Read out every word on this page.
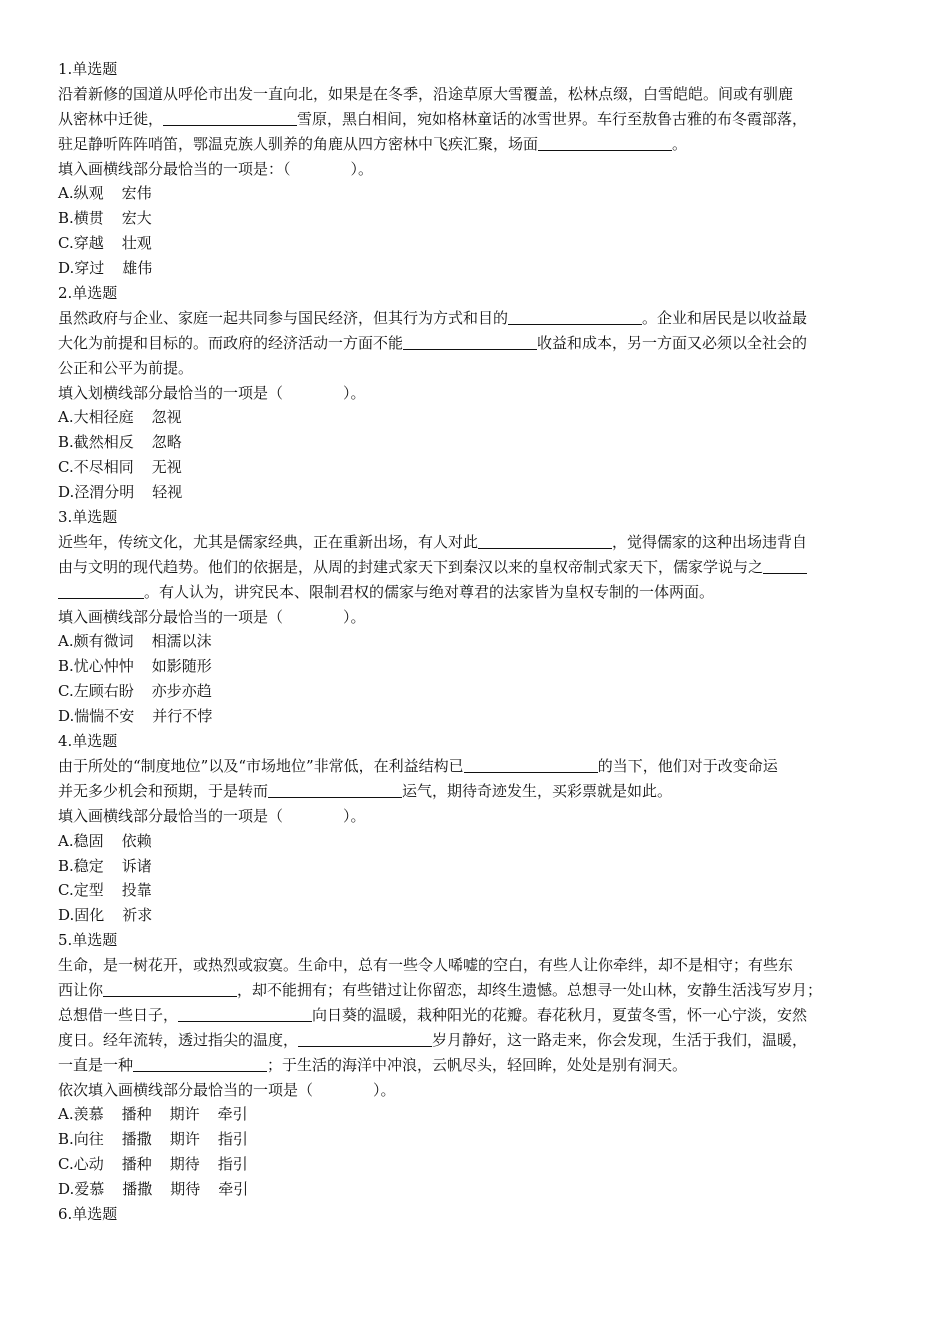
1.单选题
沿着新修的国道从呼伦市出发一直向北，如果是在冬季，沿途草原大雪覆盖，松林点缀，白雪皑皑。间或有驯鹿
从密林中迁徙，	雪原，黑白相间，宛如格林童话的冰雪世界。车行至敖鲁古雅的布冬霞部落，
驻足静听阵阵哨笛，鄂温克族人驯养的角鹿从四方密林中飞疾汇聚，场面	。
填入画横线部分最恰当的一项是：（　　　　）。
A.纵观 宏伟
B.横贯 宏大
C.穿越 壮观
D.穿过 雄伟
2.单选题
虽然政府与企业、家庭一起共同参与国民经济，但其行为方式和目的	。企业和居民是以收益最
大化为前提和目标的。而政府的经济活动一方面不能	收益和成本，另一方面又必须以全社会的
公正和公平为前提。
填入划横线部分最恰当的一项是（　　　　）。
A.大相径庭 忽视
B.截然相反 忽略
C.不尽相同 无视
D.泾渭分明 轻视
3.单选题
近些年，传统文化，尤其是儒家经典，正在重新出场，有人对此	，觉得儒家的这种出场违背自
由与文明的现代趋势。他们的依据是，从周的封建式家天下到秦汉以来的皇权帝制式家天下，儒家学说与之
。有人认为，讲究民本、限制君权的儒家与绝对尊君的法家皆为皇权专制的一体两面。
填入画横线部分最恰当的一项是（　　　　）。
A.颇有微词 相濡以沫
B.忧心忡忡 如影随形
C.左顾右盼 亦步亦趋
D.惴惴不安 并行不悖
4.单选题
由于所处的“制度地位”以及“市场地位”非常低，在利益结构已	的当下，他们对于改变命运
并无多少机会和预期，于是转而	运气，期待奇迹发生，买彩票就是如此。
填入画横线部分最恰当的一项是（　　　　）。
A.稳固 依赖
B.稳定 诉诸
C.定型 投靠
D.固化 祈求
5.单选题
生命，是一树花开，或热烈或寂寞。生命中，总有一些令人唏嘘的空白，有些人让你牵绊，却不是相守；有些东
西让你	，却不能拥有；有些错过让你留恋，却终生遗憾。总想寻一处山林，安静生活浅写岁月；
总想借一些日子，	向日葵的温暖，栽种阳光的花瓣。春花秋月，夏萤冬雪，怀一心宁淡，安然
度日。经年流转，透过指尖的温度，	岁月静好，这一路走来，你会发现，生活于我们，温暖，
一直是一种	；于生活的海洋中冲浪，云帆尽头，轻回眸，处处是别有洞天。
依次填入画横线部分最恰当的一项是（　　　　）。
A.羡慕 播种 期许 牵引
B.向往 播撒 期许 指引
C.心动 播种 期待 指引
D.爱慕 播撒 期待 牵引
6.单选题
